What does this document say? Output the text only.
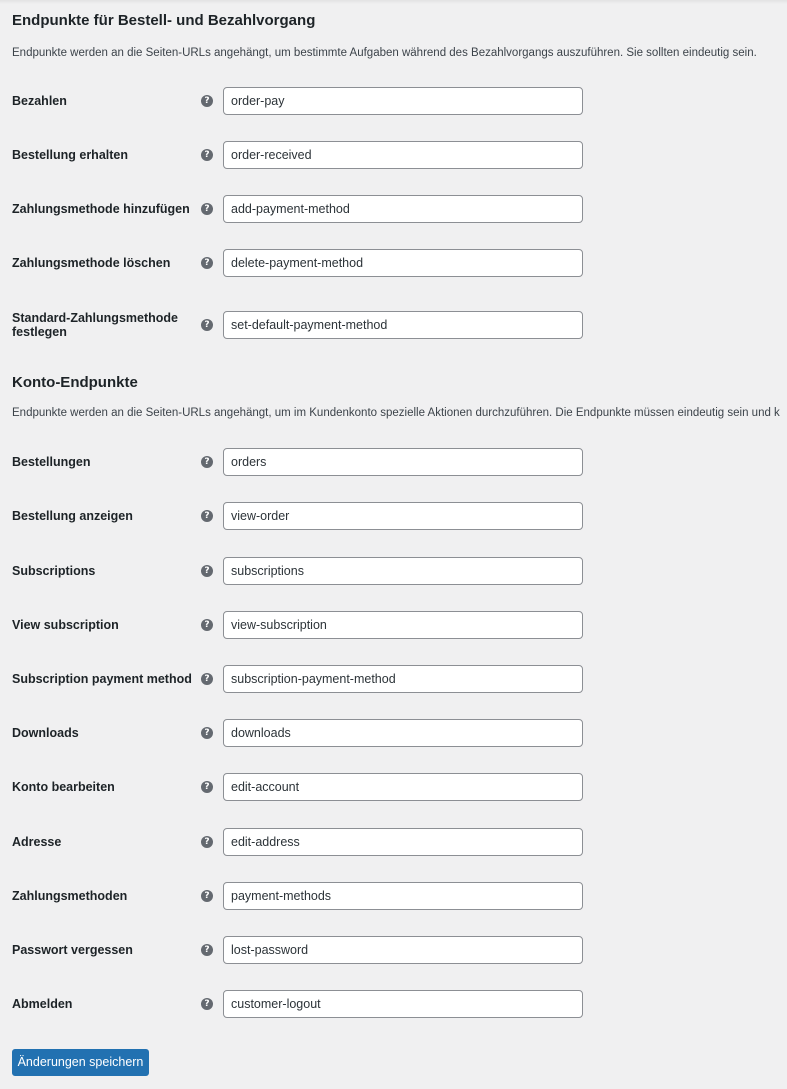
Endpunkte für Bestell- und Bezahlvorgang

Endpunkte werden an die Seiten-URLs angehängt, um bestimmte Aufgaben während des Bezahlvorgangs auszuführen. Sie sollten eindeutig sein.

Bezahlen	?
order-pay
Bestellung erhalten	?
order-received
Zahlungsmethode hinzufügen	?
add-payment-method
Zahlungsmethode löschen	?
delete-payment-method
Standard-Zahlungsmethode festlegen	?
set-default-payment-method
Konto-Endpunkte

Endpunkte werden an die Seiten-URLs angehängt, um im Kundenkonto spezielle Aktionen durchzuführen. Die Endpunkte müssen eindeutig sein und k

Bestellungen	?
orders
Bestellung anzeigen	?
view-order
Subscriptions	?
subscriptions
View subscription	?
view-subscription
Subscription payment method	?
subscription-payment-method
Downloads	?
downloads
Konto bearbeiten	?
edit-account
Adresse	?
edit-address
Zahlungsmethoden	?
payment-methods
Passwort vergessen	?
lost-password
Abmelden	?
customer-logout
Änderungen speichern
